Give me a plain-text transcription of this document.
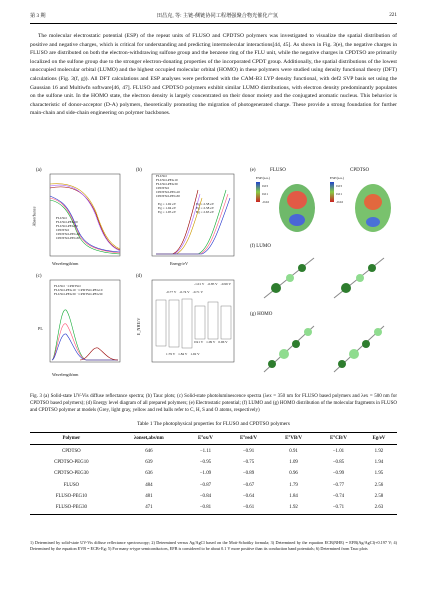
第 3 期	田昌克, 等: 主链-侧链协同工程增强聚合物光催化产氢	221

The molecular electrostatic potential (ESP) of the repeat units of FLUSO and CPDTSO polymers was investigated to visualize the spatial distribution of positive and negative charges, which is critical for understanding and predicting intermolecular interactions[44, 45]. As shown in Fig. 3(e), the negative charges in FLUSO are distributed on both the electron-withdrawing sulfone group and the benzene ring of the FLU unit, while the negative charges in CPDTSO are primarily localized on the sulfone group due to the stronger electron-donating properties of the incorporated CPDT group. Additionally, the spatial distributions of the lowest unoccupied molecular orbital (LUMO) and the highest occupied molecular orbital (HOMO) in these polymers were studied using density functional theory (DFT) calculations (Fig. 3(f, g)). All DFT calculations and ESP analyses were performed with the CAM-B3 LYP density functional, with def2 SVP basis set using the Gaussian 16 and Multiwfn software[46, 47]. FLUSO and CPDTSO polymers exhibit similar LUMO distributions, with electron density predominantly populates on the sulfone unit. In the HOMO state, the electron density is largely concentrated on their donor moiety and the conjugated aromatic nucleus. This behavior is characteristic of donor-acceptor (D-A) polymers, theoretically promoting the migration of photogenerated charge. These provide a strong foundation for further main-chain and side-chain engineering on polymer backbones.

(a)
Wavelength/nm
Absorbance	FLUSO
FLUSO-PEG10
FLUSO-PEG30
CPDTSO
CPDTSO-PEG10
CPDTSO-PEG30
(b)
FLUSO
FLUSO-PEG10
FLUSO-PEG30
CPDTSO
CPDTSO-PEG10
CPDTSO-PEG30
Eg = 1.92 eV
Eg = 1.94 eV
Eg = 1.95 eV
Eg = 2.58 eV
Eg = 2.58 eV
Eg = 2.63 eV
Energy/eV
(c)
FLUSO · CPDTSO
FLUSO-PEG10 · CPDTSO-PEG10
FLUSO-PEG30 · CPDTSO-PEG30
Wavelength/nm
PL
(d)
-0.77 V -0.74 V -0.71 V
-1.01 V -0.85 V -0.99 V
1.79 V 1.84 V 1.92 V
0.91 V 1.09 V 0.96 V
E_NHE/V
(e)	FLUSO	CPDTSO
ESP/(a.u.)	ESP/(a.u.)
0.03
0.01
-0.02
0.03
0.01
-0.02
(f) LUMO
(g) HOMO

Fig. 3 (a) Solid-state UV-Vis diffuse reflectance spectra; (b) Tauc plots; (c) Solid-state photoluminescence spectra (λex = 350 nm for FLUSO based polymers and λex = 500 nm for CPDTSO based polymers); (d) Energy level diagram of all prepared polymers; (e) Electrostatic potential; (f) LUMO and (g) HOMO distribution of the molecular fragments in FLUSO and CPDTSO polymer at models (Grey, light gray, yellow and red balls refer to C, H, S and O atoms, respectively)

Table 1 The photophysical properties for FLUSO and CPDTSO polymers
Polymer	λonset,abs/nm	E°ox/V	E°red/V	E°VB/V	E°CB/V	Eg/eV
CPDTSO	646	−1.11	−0.91	0.91	−1.01	1.92
CPDTSO-PEG10	639	−0.95	−0.75	1.09	−0.85	1.94
CPDTSO-PEG30	636	−1.09	−0.89	0.96	−0.99	1.95
FLUSO	484	−0.87	−0.67	1.79	−0.77	2.56
FLUSO-PEG10	481	−0.84	−0.64	1.84	−0.74	2.58
FLUSO-PEG30	471	−0.81	−0.61	1.92	−0.71	2.63

1) Determined by solid-state UV-Vis diffuse reflectance spectroscopy; 2) Determined versus Ag/AgCl based on the Mott-Schottky formula; 3) Determined by the equation ECB(NHE) = EFB(Ag/AgCl)+0.197 V; 4) Determined by the equation EVB = ECB+Eg; 5) For many n-type semiconductors, EFB is considered to be about 0.1 V more positive than its conduction band potentials; 6) Determined from Tauc plots
